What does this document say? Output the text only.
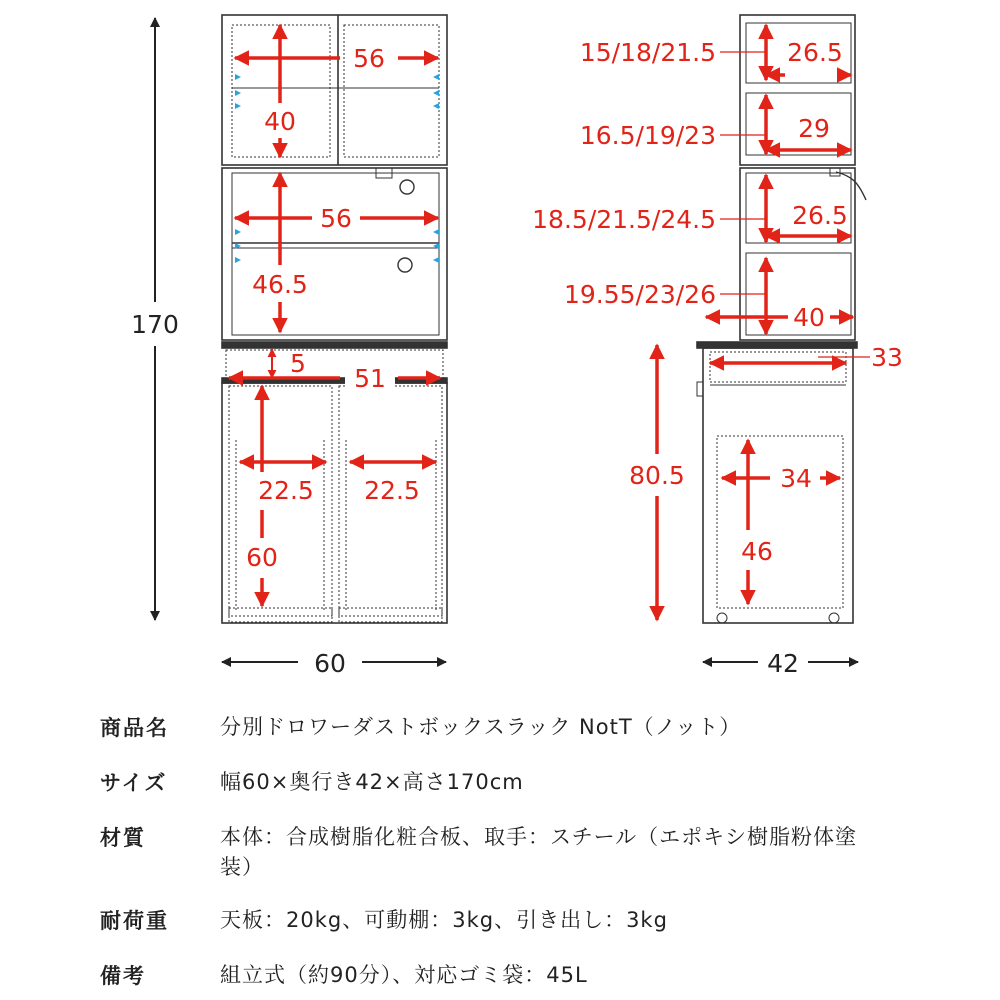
56
40
56
46.5
5
51
22.5 22.5
60
170
60
15/18/21.5	26.5
16.5/19/23	29
18.5/21.5/24.5	26.5
19.55/23/26
40
33
80.5	34
46
42
商品名 分別ドロワーダストボックスラック NotT（ノット）
サイズ	幅60×奥行き42×高さ170cm
材質	本体：合成樹脂化粧合板、取手：スチール（エポキシ樹脂粉体塗装）
耐荷重 天板：20kg、可動棚：3kg、引き出し：3kg
備考	組立式（約90分）、対応ゴミ袋：45L
